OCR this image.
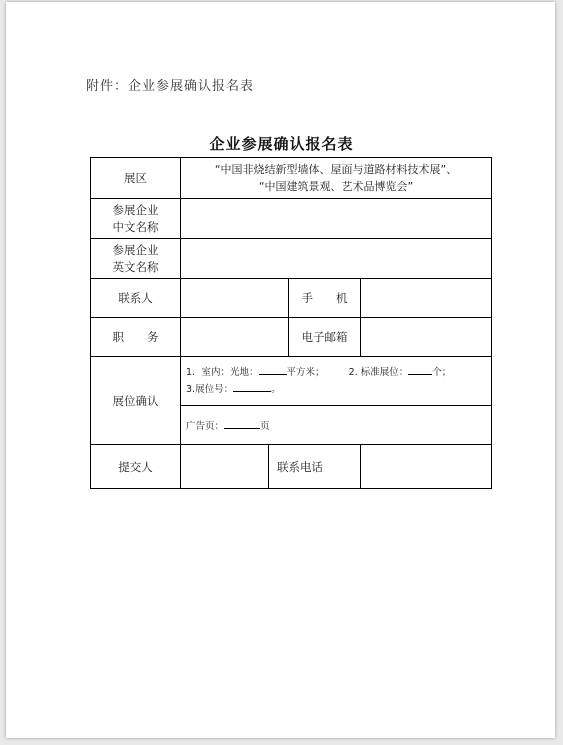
附件：企业参展确认报名表
企业参展确认报名表
展区	“中国非烧结新型墙体、屋面与道路材料技术展”、
“中国建筑景观、艺术品博览会”			

参展企业
中文名称				

参展企业
英文名称				

联系人			手　　机	
职　　务			电子邮箱	
展位确认	1．室内：光地： 平方米； 2. 标准展位： 个；
3.展位号： 。			

	广告页： 页			
提交人		联系电话		
